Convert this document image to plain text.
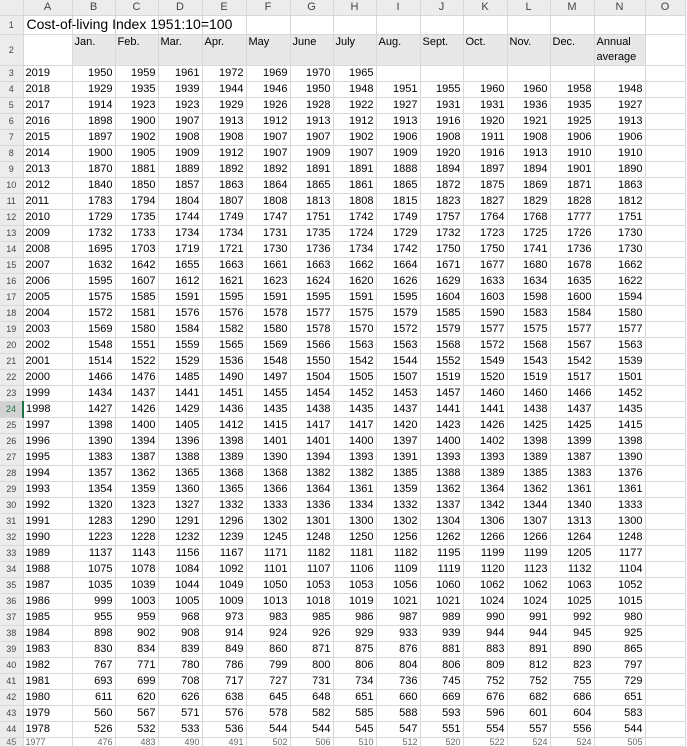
	A	B	C	D	E	F	G	H	I	J	K	L	M	N	O
1	Cost-of-living Index 1951:10=100														

2		Jan.	Feb.	Mar.	Apr.	May	June	July	Aug.	Sept.	Oct.	Nov.	Dec.	Annual average	
3	2019	1950	1959	1961	1972	1969	1970	1965							
4	2018	1929	1935	1939	1944	1946	1950	1948	1951	1955	1960	1960	1958	1948	
5	2017	1914	1923	1923	1929	1926	1928	1922	1927	1931	1931	1936	1935	1927	
6	2016	1898	1900	1907	1913	1912	1913	1912	1913	1916	1920	1921	1925	1913	
7	2015	1897	1902	1908	1908	1907	1907	1902	1906	1908	1911	1908	1906	1906	
8	2014	1900	1905	1909	1912	1907	1909	1907	1909	1920	1916	1913	1910	1910	
9	2013	1870	1881	1889	1892	1892	1891	1891	1888	1894	1897	1894	1901	1890	
10	2012	1840	1850	1857	1863	1864	1865	1861	1865	1872	1875	1869	1871	1863	
11	2011	1783	1794	1804	1807	1808	1813	1808	1815	1823	1827	1829	1828	1812	
12	2010	1729	1735	1744	1749	1747	1751	1742	1749	1757	1764	1768	1777	1751	
13	2009	1732	1733	1734	1734	1731	1735	1724	1729	1732	1723	1725	1726	1730	
14	2008	1695	1703	1719	1721	1730	1736	1734	1742	1750	1750	1741	1736	1730	
15	2007	1632	1642	1655	1663	1661	1663	1662	1664	1671	1677	1680	1678	1662	
16	2006	1595	1607	1612	1621	1623	1624	1620	1626	1629	1633	1634	1635	1622	
17	2005	1575	1585	1591	1595	1591	1595	1591	1595	1604	1603	1598	1600	1594	
18	2004	1572	1581	1576	1576	1578	1577	1575	1579	1585	1590	1583	1584	1580	
19	2003	1569	1580	1584	1582	1580	1578	1570	1572	1579	1577	1575	1577	1577	
20	2002	1548	1551	1559	1565	1569	1566	1563	1563	1568	1572	1568	1567	1563	
21	2001	1514	1522	1529	1536	1548	1550	1542	1544	1552	1549	1543	1542	1539	
22	2000	1466	1476	1485	1490	1497	1504	1505	1507	1519	1520	1519	1517	1501	
23	1999	1434	1437	1441	1451	1455	1454	1452	1453	1457	1460	1460	1466	1452	
24	1998	1427	1426	1429	1436	1435	1438	1435	1437	1441	1441	1438	1437	1435	
25	1997	1398	1400	1405	1412	1415	1417	1417	1420	1423	1426	1425	1425	1415	
26	1996	1390	1394	1396	1398	1401	1401	1400	1397	1400	1402	1398	1399	1398	
27	1995	1383	1387	1388	1389	1390	1394	1393	1391	1393	1393	1389	1387	1390	
28	1994	1357	1362	1365	1368	1368	1382	1382	1385	1388	1389	1385	1383	1376	
29	1993	1354	1359	1360	1365	1366	1364	1361	1359	1362	1364	1362	1361	1361	
30	1992	1320	1323	1327	1332	1333	1336	1334	1332	1337	1342	1344	1340	1333	
31	1991	1283	1290	1291	1296	1302	1301	1300	1302	1304	1306	1307	1313	1300	
32	1990	1223	1228	1232	1239	1245	1248	1250	1256	1262	1266	1266	1264	1248	
33	1989	1137	1143	1156	1167	1171	1182	1181	1182	1195	1199	1199	1205	1177	
34	1988	1075	1078	1084	1092	1101	1107	1106	1109	1119	1120	1123	1132	1104	
35	1987	1035	1039	1044	1049	1050	1053	1053	1056	1060	1062	1062	1063	1052	
36	1986	999	1003	1005	1009	1013	1018	1019	1021	1021	1024	1024	1025	1015	
37	1985	955	959	968	973	983	985	986	987	989	990	991	992	980	
38	1984	898	902	908	914	924	926	929	933	939	944	944	945	925	
39	1983	830	834	839	849	860	871	875	876	881	883	891	890	865	
40	1982	767	771	780	786	799	800	806	804	806	809	812	823	797	
41	1981	693	699	708	717	727	731	734	736	745	752	752	755	729	
42	1980	611	620	626	638	645	648	651	660	669	676	682	686	651	
43	1979	560	567	571	576	578	582	585	588	593	596	601	604	583	
44	1978	526	532	533	536	544	544	545	547	551	554	557	556	544	
45	1977	476	483	490	491	502	506	510	512	520	522	524	524	505	
